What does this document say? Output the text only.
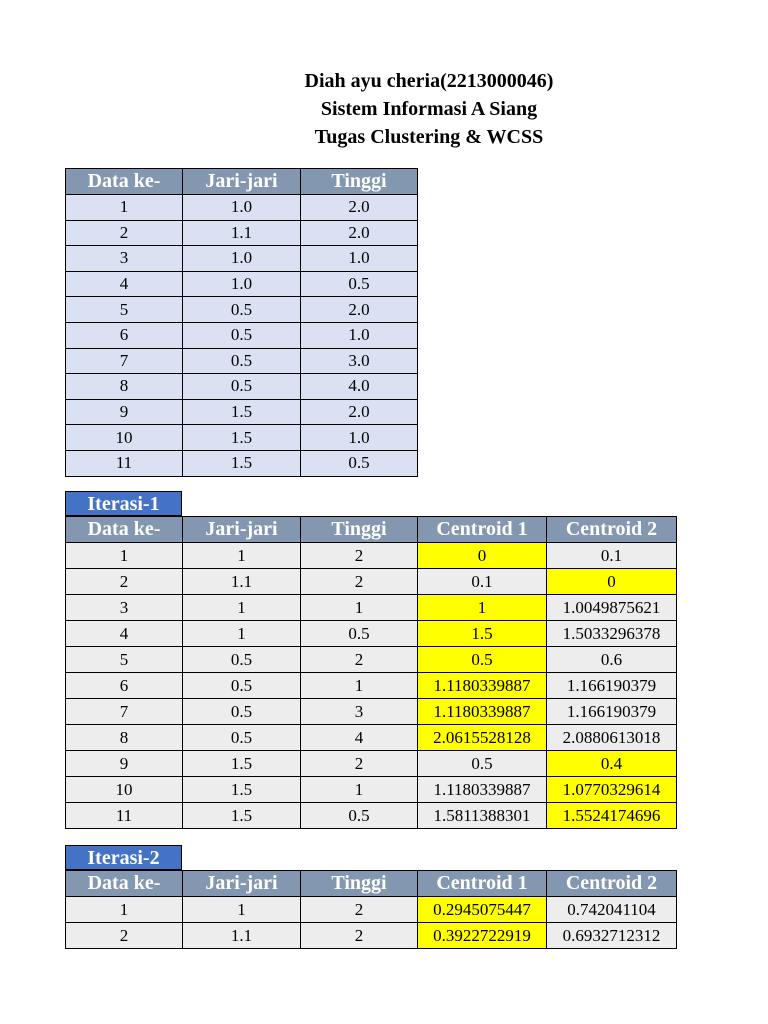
Diah ayu cheria(2213000046)
Sistem Informasi A Siang
Tugas Clustering & WCSS
Data ke-	Jari-jari	Tinggi
1	1.0	2.0
2	1.1	2.0
3	1.0	1.0
4	1.0	0.5
5	0.5	2.0
6	0.5	1.0
7	0.5	3.0
8	0.5	4.0
9	1.5	2.0
10	1.5	1.0
11	1.5	0.5
Iterasi-1
Data ke-	Jari-jari	Tinggi	Centroid 1	Centroid 2
1	1	2	0	0.1
2	1.1	2	0.1	0
3	1	1	1	1.0049875621
4	1	0.5	1.5	1.5033296378
5	0.5	2	0.5	0.6
6	0.5	1	1.1180339887	1.166190379
7	0.5	3	1.1180339887	1.166190379
8	0.5	4	2.0615528128	2.0880613018
9	1.5	2	0.5	0.4
10	1.5	1	1.1180339887	1.0770329614
11	1.5	0.5	1.5811388301	1.5524174696
Iterasi-2
Data ke-	Jari-jari	Tinggi	Centroid 1	Centroid 2
1	1	2	0.2945075447	0.742041104
2	1.1	2	0.3922722919	0.6932712312
